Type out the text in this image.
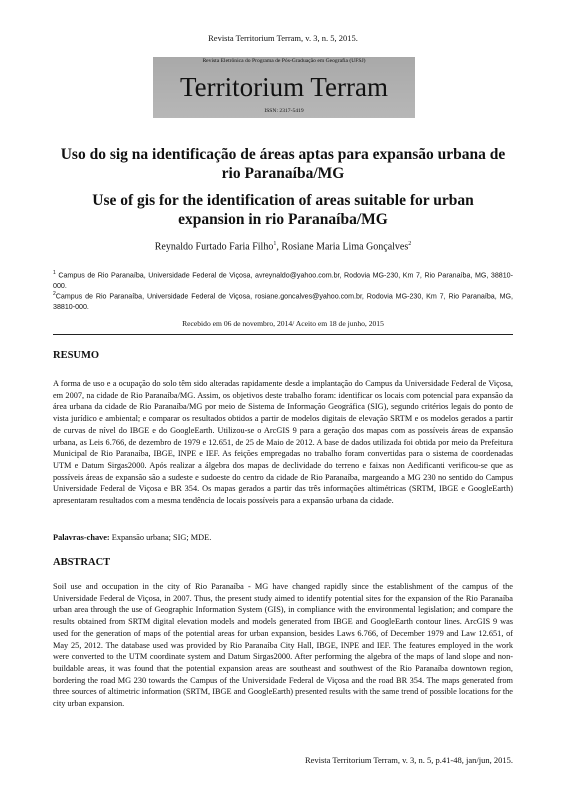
Revista Territorium Terram, v. 3, n. 5, 2015.
Revista Eletrônica do Programa de Pós-Graduação em Geografia (UFSJ)
Territorium Terram
ISSN: 2317-5419
Uso do sig na identificação de áreas aptas para expansão urbana de rio Paranaíba/MG
Use of gis for the identification of areas suitable for urban expansion in rio Paranaíba/MG
Reynaldo Furtado Faria Filho$^1$, Rosiane Maria Lima Gonçalves$^2$
$^1$ Campus de Rio Paranaíba, Universidade Federal de Viçosa, avreynaldo@yahoo.com.br, Rodovia MG-230, Km 7, Rio Paranaíba, MG, 38810-000.
$^2$Campus de Rio Paranaíba, Universidade Federal de Viçosa, rosiane.goncalves@yahoo.com.br, Rodovia MG-230, Km 7, Rio Paranaíba, MG, 38810-000.
Recebido em 06 de novembro, 2014/ Aceito em 18 de junho, 2015
RESUMO
A forma de uso e a ocupação do solo têm sido alteradas rapidamente desde a implantação do Campus da Universidade Federal de Viçosa, em 2007, na cidade de Rio Paranaíba/MG. Assim, os objetivos deste trabalho foram: identificar os locais com potencial para expansão da área urbana da cidade de Rio Paranaíba/MG por meio de Sistema de Informação Geográfica (SIG), segundo critérios legais do ponto de vista jurídico e ambiental; e comparar os resultados obtidos a partir de modelos digitais de elevação SRTM e os modelos gerados a partir de curvas de nível do IBGE e do GoogleEarth. Utilizou-se o ArcGIS 9 para a geração dos mapas com as possíveis áreas de expansão urbana, as Leis 6.766, de dezembro de 1979 e 12.651, de 25 de Maio de 2012. A base de dados utilizada foi obtida por meio da Prefeitura Municipal de Rio Paranaíba, IBGE, INPE e IEF. As feições empregadas no trabalho foram convertidas para o sistema de coordenadas UTM e Datum Sirgas2000. Após realizar a álgebra dos mapas de declividade do terreno e faixas non Aedificanti verificou-se que as possíveis áreas de expansão são a sudeste e sudoeste do centro da cidade de Rio Paranaíba, margeando a MG 230 no sentido do Campus Universidade Federal de Viçosa e BR 354. Os mapas gerados a partir das três informações altimétricas (SRTM, IBGE e GoogleEarth) apresentaram resultados com a mesma tendência de locais possíveis para a expansão urbana da cidade.
Palavras-chave: Expansão urbana; SIG; MDE.
ABSTRACT
Soil use and occupation in the city of Rio Paranaíba - MG have changed rapidly since the establishment of the campus of the Universidade Federal de Viçosa, in 2007. Thus, the present study aimed to identify potential sites for the expansion of the Rio Paranaíba urban area through the use of Geographic Information System (GIS), in compliance with the environmental legislation; and compare the results obtained from SRTM digital elevation models and models generated from IBGE and GoogleEarth contour lines. ArcGIS 9 was used for the generation of maps of the potential areas for urban expansion, besides Laws 6.766, of December 1979 and Law 12.651, of May 25, 2012. The database used was provided by Rio Paranaíba City Hall, IBGE, INPE and IEF. The features employed in the work were converted to the UTM coordinate system and Datum Sirgas2000. After performing the algebra of the maps of land slope and non-buildable areas, it was found that the potential expansion areas are southeast and southwest of the Rio Paranaíba downtown region, bordering the road MG 230 towards the Campus of the Universidade Federal de Viçosa and the road BR 354. The maps generated from three sources of altimetric information (SRTM, IBGE and GoogleEarth) presented results with the same trend of possible locations for the city urban expansion.
Revista Territorium Terram, v. 3, n. 5, p.41-48, jan/jun, 2015.
